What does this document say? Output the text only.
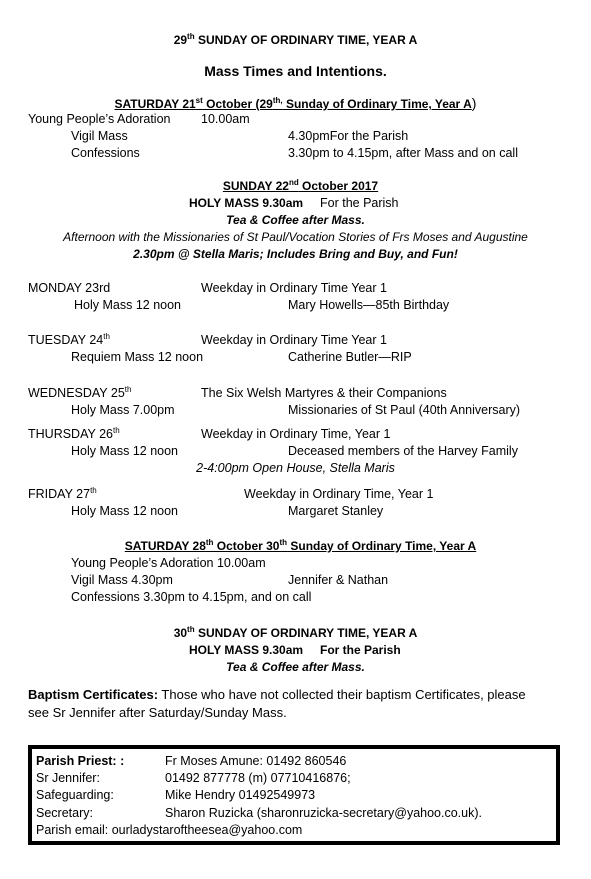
29th SUNDAY OF ORDINARY TIME, YEAR A
Mass Times and Intentions.
SATURDAY 21st October ($29^{th,}$ Sunday of Ordinary Time, Year A)
Young People’s Adoration 10.00am
Vigil Mass	4.30pmFor the Parish
Confessions	3.30pm to 4.15pm, after Mass and on call
SUNDAY 22nd October 2017
HOLY MASS 9.30am For the Parish
Tea & Coffee after Mass.
Afternoon with the Missionaries of St Paul/Vocation Stories of Frs Moses and Augustine
2.30pm @ Stella Maris; Includes Bring and Buy, and Fun!
MONDAY 23rd	Weekday in Ordinary Time Year 1
Holy Mass 12 noon	Mary Howells—85th Birthday
TUESDAY 24th	Weekday in Ordinary Time Year 1
Requiem Mass 12 noon	Catherine Butler—RIP
WEDNESDAY 25th	The Six Welsh Martyres & their Companions
Holy Mass 7.00pm	Missionaries of St Paul (40th Anniversary)
THURSDAY 26th	Weekday in Ordinary Time, Year 1
Holy Mass 12 noon	Deceased members of the Harvey Family
2-4:00pm Open House, Stella Maris
FRIDAY 27th	Weekday in Ordinary Time, Year 1
Holy Mass 12 noon	Margaret Stanley
SATURDAY 28th October 30th Sunday of Ordinary Time, Year A
Young People’s Adoration 10.00am
Vigil Mass 4.30pm	Jennifer & Nathan
Confessions 3.30pm to 4.15pm, and on call
30th SUNDAY OF ORDINARY TIME, YEAR A
HOLY MASS 9.30am For the Parish
Tea & Coffee after Mass.
Baptism Certificates: Those who have not collected their baptism Certificates, please
see Sr Jennifer after Saturday/Sunday Mass.
Parish Priest: :	Fr Moses Amune: 01492 860546
Sr Jennifer:	01492 877778 (m) 07710416876;
Safeguarding:	Mike Hendry 01492549973
Secretary:	Sharon Ruzicka (sharonruzicka-secretary@yahoo.co.uk).
Parish email: ourladystaroftheesea@yahoo.com
